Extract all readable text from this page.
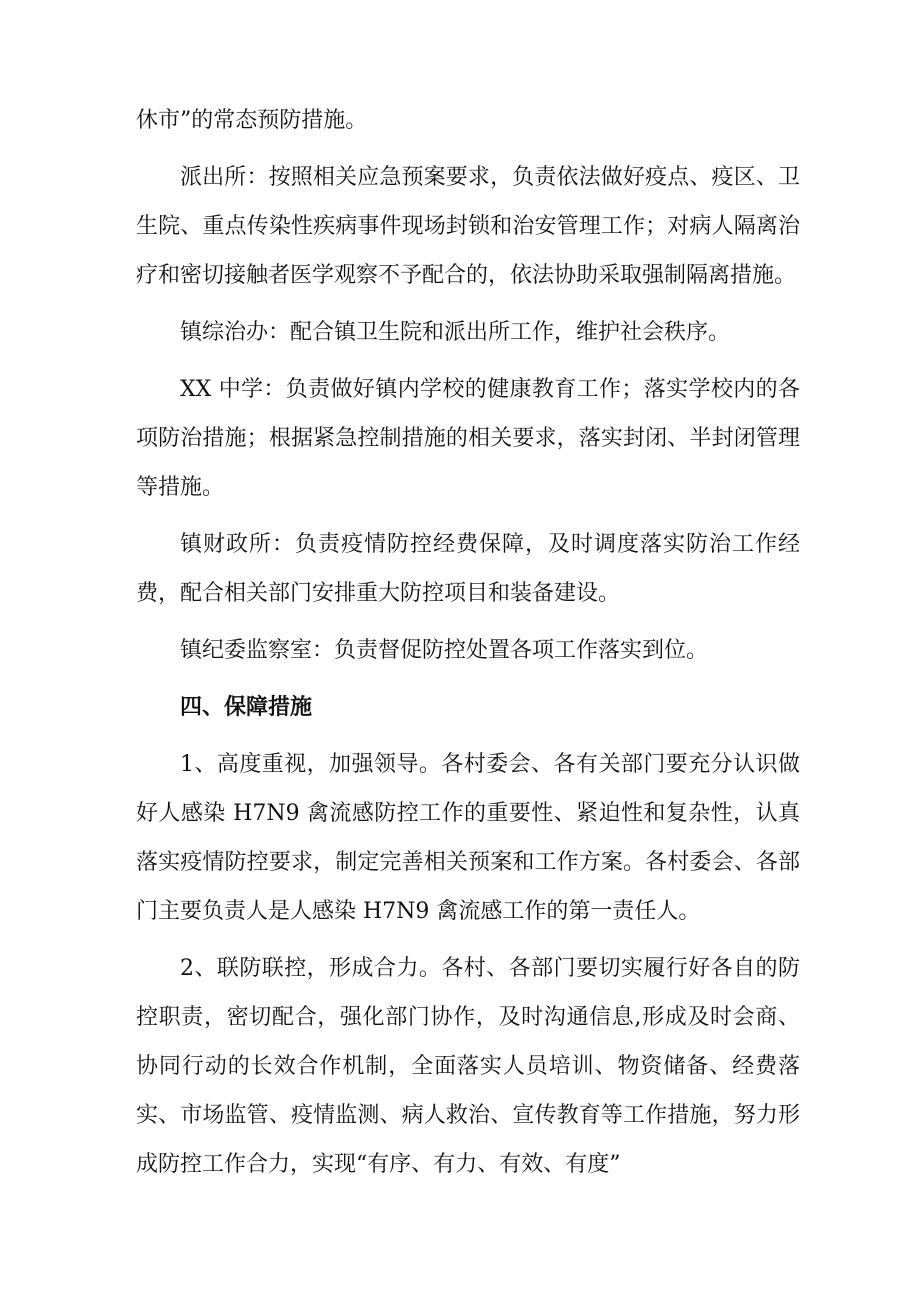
休市”的常态预防措施。

派出所：按照相关应急预案要求，负责依法做好疫点、疫区、卫生院、重点传染性疾病事件现场封锁和治安管理工作；对病人隔离治疗和密切接触者医学观察不予配合的，依法协助采取强制隔离措施。

镇综治办：配合镇卫生院和派出所工作，维护社会秩序。

XX 中学：负责做好镇内学校的健康教育工作；落实学校内的各项防治措施；根据紧急控制措施的相关要求，落实封闭、半封闭管理等措施。

镇财政所：负责疫情防控经费保障，及时调度落实防治工作经费，配合相关部门安排重大防控项目和装备建设。

镇纪委监察室：负责督促防控处置各项工作落实到位。

四、保障措施

1、高度重视，加强领导。各村委会、各有关部门要充分认识做好人感染 H7N9 禽流感防控工作的重要性、紧迫性和复杂性，认真落实疫情防控要求，制定完善相关预案和工作方案。各村委会、各部门主要负责人是人感染 H7N9 禽流感工作的第一责任人。

2、联防联控，形成合力。各村、各部门要切实履行好各自的防控职责，密切配合，强化部门协作，及时沟通信息,形成及时会商、协同行动的长效合作机制，全面落实人员培训、物资储备、经费落实、市场监管、疫情监测、病人救治、宣传教育等工作措施，努力形成防控工作合力，实现“有序、有力、有效、有度”
